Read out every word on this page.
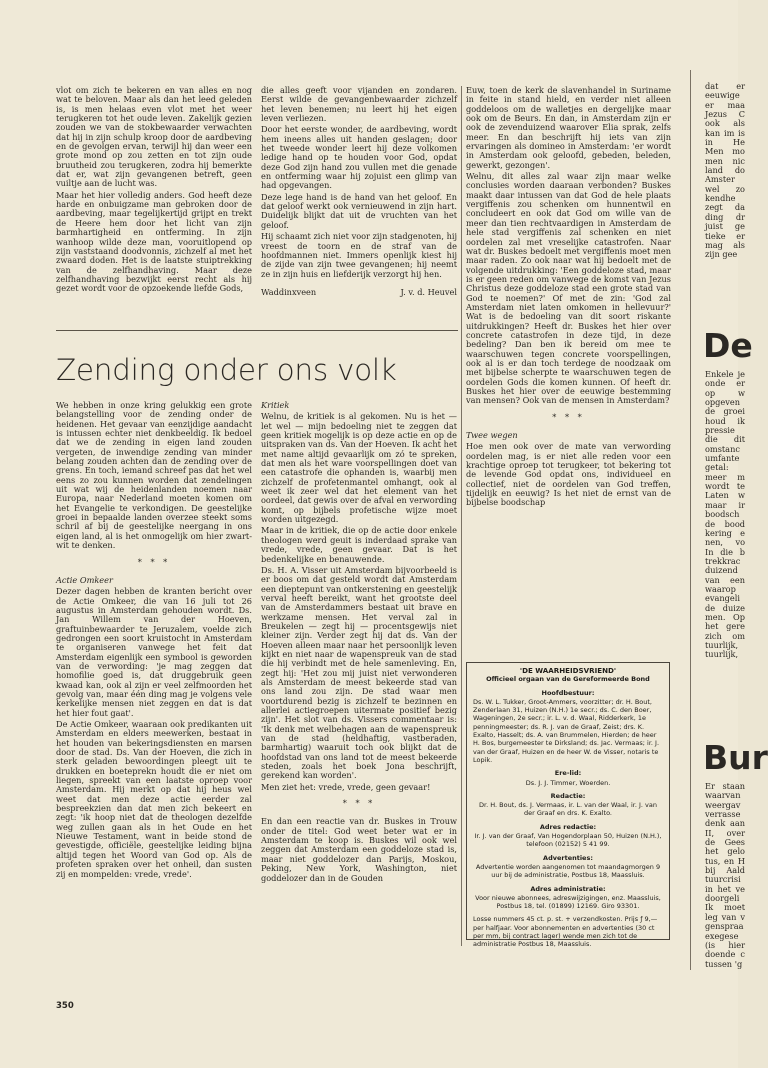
vlot om zich te bekeren en van alles en nog wat te beloven. Maar als dan het leed geleden is, is men helaas even vlot met het weer terugkeren tot het oude leven. Zakelijk gezien zouden we van de stokbewaarder verwachten dat hij in zijn schulp kroop door de aardbeving en de gevolgen ervan, terwijl hij dan weer een grote mond op zou zetten en tot zijn oude bruutheid zou terugkeren, zodra hij bemerkte dat er, wat zijn gevangenen betreft, geen vuiltje aan de lucht was.

Maar het hier volledig anders. God heeft deze harde en onbuigzame man gebroken door de aardbeving, maar tegelijkertijd grijpt en trekt de Heere hem door het licht van zijn barmhartigheid en ontferming. In zijn wanhoop wilde deze man, vooruitlopend op zijn vaststaand doodvonnis, zichzelf al met het zwaard doden. Het is de laatste stuiptrekking van de zelfhandhaving. Maar deze zelfhandhaving bezwijkt eerst recht als hij gezet wordt voor de opzoekende liefde Gods,

die alles geeft voor vijanden en zondaren. Eerst wilde de gevangenbewaarder zichzelf het leven benemen; nu leert hij het eigen leven verliezen.

Door het eerste wonder, de aardbeving, wordt hem ineens alles uit handen geslagen; door het tweede wonder leert hij deze volkomen ledige hand op te houden voor God, opdat deze God zijn hand zou vullen met die genade en ontferming waar hij zojuist een glimp van had opgevangen.

Deze lege hand is de hand van het geloof. En dat geloof werkt ook vernieuwend in zijn hart. Duidelijk blijkt dat uit de vruchten van het geloof.

Hij schaamt zich niet voor zijn stadgenoten, hij vreest de toorn en de straf van de hoofdmannen niet. Immers openlijk kiest hij de zijde van zijn twee gevangenen; hij neemt ze in zijn huis en liefderijk verzorgt hij hen.

Waddinxveen	J. v. d. Heuvel
Zending onder ons volk

We hebben in onze kring gelukkig een grote belangstelling voor de zending onder de heidenen. Het gevaar van eenzijdige aandacht is intussen echter niet denkbeeldig. Ik bedoel dat we de zending in eigen land zouden vergeten, de inwendige zending van minder belang zouden achten dan de zending over de grens. En toch, iemand schreef pas dat het wel eens zo zou kunnen worden dat zendelingen uit wat wij de heidenlanden noemen naar Europa, naar Nederland moeten komen om het Evangelie te verkondigen. De geestelijke groei in bepaalde landen overzee steekt soms schril af bij de geestelijke neergang in ons eigen land, al is het onmogelijk om hier zwart-wit te denken.

* * *

Actie Omkeer

Dezer dagen hebben de kranten bericht over de Actie Omkeer, die van 16 juli tot 26 augustus in Amsterdam gehouden wordt. Ds. Jan Willem van der Hoeven, graftuinbewaarder te Jeruzalem, voelde zich gedrongen een soort kruistocht in Amsterdam te organiseren vanwege het feit dat Amsterdam eigenlijk een symbool is geworden van de verwording: 'je mag zeggen dat homofilie goed is, dat druggebruik geen kwaad kan, ook al zijn er veel zelfmoorden het gevolg van, maar één ding mag je volgens vele kerkelijke mensen niet zeggen en dat is dat het hier fout gaat'.

De Actie Omkeer, waaraan ook predikanten uit Amsterdam en elders meewerken, bestaat in het houden van bekeringsdiensten en marsen door de stad. Ds. Van der Hoeven, die zich in sterk geladen bewoordingen pleegt uit te drukken en boeteprekn houdt die er niet om liegen, spreekt van een laatste oproep voor Amsterdam. Hij merkt op dat hij heus wel weet dat men deze actie eerder zal bespreekzien dan dat men zich bekeert en zegt: 'ik hoop niet dat de theologen dezelfde weg zullen gaan als in het Oude en het Nieuwe Testament, want in beide stond de gevestigde, officiële, geestelijke leiding bijna altijd tegen het Woord van God op. Als de profeten spraken over het onheil, dan susten zij en mompelden: vrede, vrede'.

Kritiek

Welnu, de kritiek is al gekomen. Nu is het — let wel — mijn bedoeling niet te zeggen dat geen kritiek mogelijk is op deze actie en op de uitspraken van ds. Van der Hoeven. Ik acht het met name altijd gevaarlijk om zó te spreken, dat men als het ware voorspellingen doet van een catastrofe die ophanden is, waarbij men zichzelf de profetenmantel omhangt, ook al weet ik zeer wel dat het element van het oordeel, dat gewis over de afval en verwording komt, op bijbels profetische wijze moet worden uitgezegd.

Maar in de kritiek, die op de actie door enkele theologen werd geuit is inderdaad sprake van vrede, vrede, geen gevaar. Dat is het bedenkelijke en benauwende.

Ds. H. A. Visser uit Amsterdam bijvoorbeeld is er boos om dat gesteld wordt dat Amsterdam een dieptepunt van ontkerstening en geestelijk verval heeft bereikt, want het grootste deel van de Amsterdammers bestaat uit brave en werkzame mensen. Het verval zal in Breukelen — zegt hij — procentsgewijs niet kleiner zijn. Verder zegt hij dat ds. Van der Hoeven alleen maar naar het persoonlijk leven kijkt en niet naar de wapenspreuk van de stad die hij verbindt met de hele samenleving. En, zegt hij: 'Het zou mij juist niet verwonderen als Amsterdam de meest bekeerde stad van ons land zou zijn. De stad waar men voortdurend bezig is zichzelf te bezinnen en allerlei actiegroepen uitermate positief bezig zijn'. Het slot van ds. Vissers commentaar is: 'Ik denk met welbehagen aan de wapenspreuk van de stad (heldhaftig, vastberaden, barmhartig) waaruit toch ook blijkt dat de hoofdstad van ons land tot de meest bekeerde steden, zoals het boek Jona beschrijft, gerekend kan worden'.

Men ziet het: vrede, vrede, geen gevaar!

* * *

En dan een reactie van dr. Buskes in Trouw onder de titel: God weet beter wat er in Amsterdam te koop is. Buskes wil ook wel zeggen dat Amsterdam een goddeloze stad is, maar niet goddelozer dan Parijs, Moskou, Peking, New York, Washington, niet goddelozer dan in de Gouden

Euw, toen de kerk de slavenhandel in Suriname in feite in stand hield, en verder niet alleen goddeloos om de walletjes en dergelijke maar ook om de Beurs. En dan, in Amsterdam zijn er ook de zevenduizend waarover Elia sprak, zelfs meer. En dan beschrijft hij iets van zijn ervaringen als domineo in Amsterdam: 'er wordt in Amsterdam ook geloofd, gebeden, beleden, gewerkt, gezongen'.

Welnu, dit alles zal waar zijn maar welke conclusies worden daaraan verbonden? Buskes maakt daar intussen van dat God de hele plaats vergiffenis zou schenken om hunnentwil en concludeert en ook dat God om wille van de meer dan tien rechtvaardigen in Amsterdam de hele stad vergiffenis zal schenken en niet oordelen zal met vreselijke catastrofen. Naar wat dr. Buskes bedoelt met vergiffenis moet men maar raden. Zo ook naar wat hij bedoelt met de volgende uitdrukking: 'Een goddeloze stad, maar is er geen reden om vanwege de komst van Jezus Christus deze goddeloze stad een grote stad van God te noemen?' Of met de zin: 'God zal Amsterdam niet laten omkomen in hellevuur?' Wat is de bedoeling van dit soort riskante uitdrukkingen? Heeft dr. Buskes het hier over concrete catastrofen in deze tijd, in deze bedeling? Dan ben ik bereid om mee te waarschuwen tegen concrete voorspellingen, ook al is er dan toch terdege de noodzaak om met bijbelse scherpte te waarschuwen tegen de oordelen Gods die komen kunnen. Of heeft dr. Buskes het hier over de eeuwige bestemming van mensen? Ook van de mensen in Amsterdam?

* * *

Twee wegen

Hoe men ook over de mate van verwording oordelen mag, is er niet alle reden voor een krachtige oproep tot terugkeer, tot bekering tot de levende God opdat ons, individueel en collectief, niet de oordelen van God treffen, tijdelijk en eeuwig? Is het niet de ernst van de bijbelse boodschap

'DE WAARHEIDSVRIEND'

Officieel orgaan van de Gereformeerde Bond

Hoofdbestuur:

Ds. W. L. Tukker, Groot-Ammers, voorzitter; dr. H. Bout, Zenderlaan 31, Huizen (N.H.) 1e secr.; ds. C. den Boer, Wageningen, 2e secr.; ir. L. v. d. Waal, Ridderkerk, 1e penningmeester; ds. R. J. van de Graaf, Zeist; drs. K. Exalto, Hasselt; ds. A. van Brummelen, Hierden; de heer H. Bos, burgemeester te Dirksland; ds. Jac. Vermaas; ir. J. van der Graaf, Huizen en de heer W. de Visser, notaris te Lopik.

Ere-lid:

Ds. J. J. Timmer, Woerden.

Redactie:

Dr. H. Bout, ds. J. Vermaas, ir. L. van der Waal, ir. J. van der Graaf en drs. K. Exalto.

Adres redactie:

Ir. J. van der Graaf, Van Hogendorplaan 50, Huizen (N.H.), telefoon (02152) 5 41 99.

Advertenties:

Advertentiе worden aangenomen tot maandagmorgen 9 uur bij de administratie, Postbus 18, Maassluis.

Adres administratie:

Voor nieuwe abonnees, adreswijzigingen, enz. Maassluis, Postbus 18, tel. (01899) 12169. Giro 93301.

Losse nummers 45 ct. p. st. + verzendkosten. Prijs ƒ 9,— per halfjaar. Voor abonnementen en advertenties (30 ct per mm, bij contract lager) wende men zich tot de administratie Postbus 18, Maassluis.

dat er eeuwige er maa Jezus C ook als kan im is in He Men mo men nic land do Amster wel zo kendhe zegt da ding dr juist ge tieke er mag als zijn gee

De

Enkele je onde er op w opgeven de groei houd ik pressie die dit omstanc umfante getal: meer m wordt te Laten w maar ir boodsch de bood kering e nen, vo In die b trekkrac duizend van een waarop evangeli de duize men. Op het gere zich om tuurlijk, tuurlijk,

Bur

Er staan waarvan weergav verrasse denk aan II, over de Gees het gelo tus, en H bij Aald tuurcrisi in het ve doorgeli Ik moet leg van v genspraa exegese (is hier doende c tussen 'g

350
